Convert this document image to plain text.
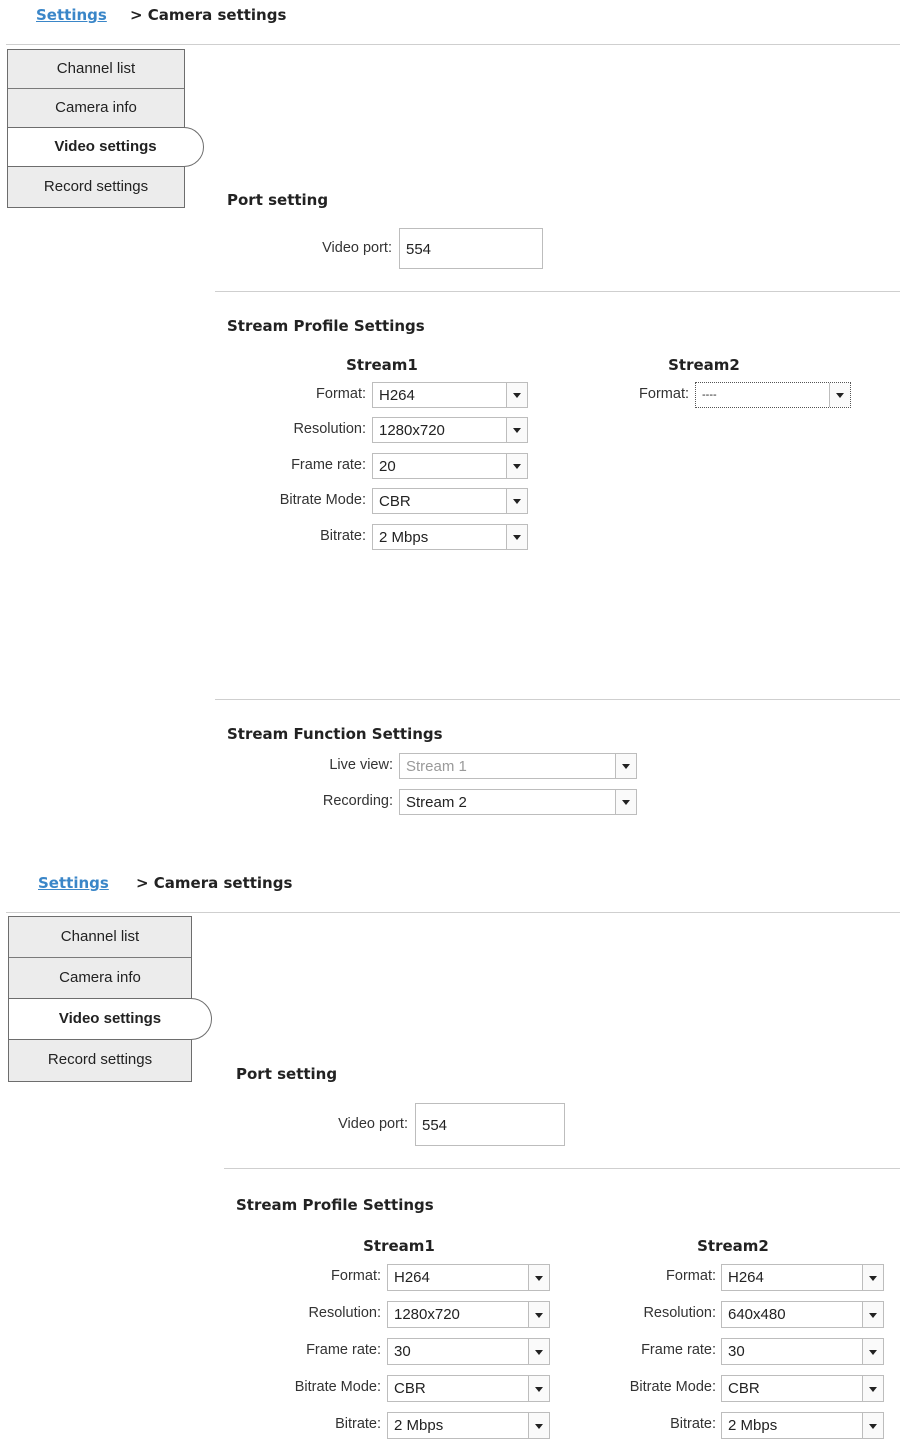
Settings > Camera settings
Channel list
Camera info
Video settings
Record settings
Port setting
Video port: 554
Stream Profile Settings
Stream1	Stream2
Format: H264
Resolution: 1280x720
Frame rate: 20
Bitrate Mode: CBR
Bitrate: 2 Mbps
Format: ----
Stream Function Settings
Live view: Stream 1
Recording: Stream 2
Settings > Camera settings
Channel list
Camera info
Video settings
Record settings
Port setting
Video port: 554
Stream Profile Settings
Stream1	Stream2
Format: H264
Resolution: 1280x720
Frame rate: 30
Bitrate Mode: CBR
Bitrate: 2 Mbps
Format: H264
Resolution: 640x480
Frame rate: 30
Bitrate Mode: CBR
Bitrate: 2 Mbps
